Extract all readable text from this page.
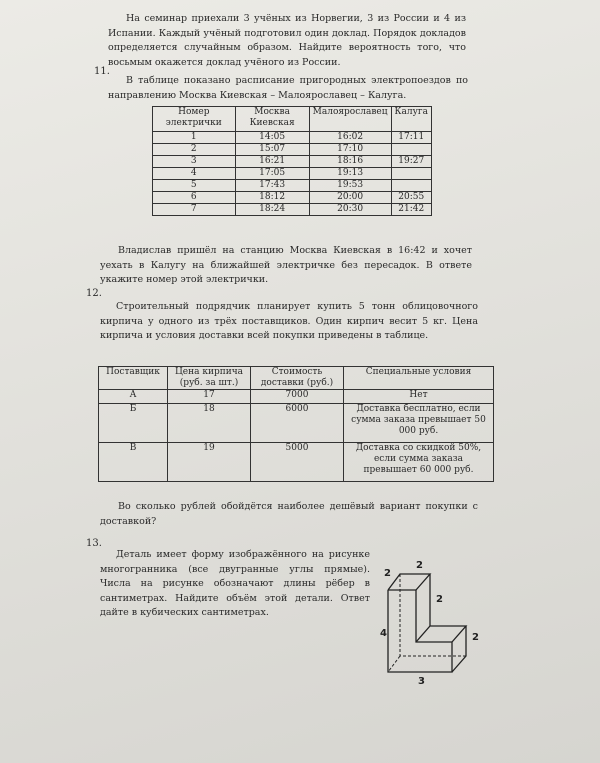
На семинар приехали 3 учёных из Норвегии, 3 из России и 4 из Испании. Каждый учёный подготовил один доклад. Порядок докладов определяется случайным образом. Найдите вероятность того, что восьмым окажется доклад учёного из России.
11.
В таблице показано расписание пригородных электропоездов по направлению Москва Киевская – Малоярославец – Калуга.
Номер электрички	Москва Киевская	Малоярославец	Калуга
1	14:05	16:02	17:11
2	15:07	17:10	
3	16:21	18:16	19:27
4	17:05	19:13	
5	17:43	19:53	
6	18:12	20:00	20:55
7	18:24	20:30	21:42
Владислав пришёл на станцию Москва Киевская в 16:42 и хочет уехать в Калугу на ближайшей электричке без пересадок. В ответе укажите номер этой электрички.
12.
Строительный подрядчик планирует купить 5 тонн облицовочного кирпича у одного из трёх поставщиков. Один кирпич весит 5 кг. Цена кирпича и условия доставки всей покупки приведены в таблице.
Поставщик	Цена кирпича (руб. за шт.)	Стоимость доставки (руб.)	Специальные условия
А	17	7000	Нет
Б	18	6000	Доставка бесплатно, если сумма заказа превышает 50 000 руб.
В	19	5000	Доставка со скидкой 50%, если сумма заказа превышает 60 000 руб.
Во сколько рублей обойдётся наиболее дешёвый вариант покупки с доставкой?
13.
Деталь имеет форму изображённого на рисунке многогранника (все двугранные углы прямые). Числа на рисунке обозначают длины рёбер в сантиметрах. Найдите объём этой детали. Ответ дайте в кубических сантиметрах.
2
2
2
2
4
3
